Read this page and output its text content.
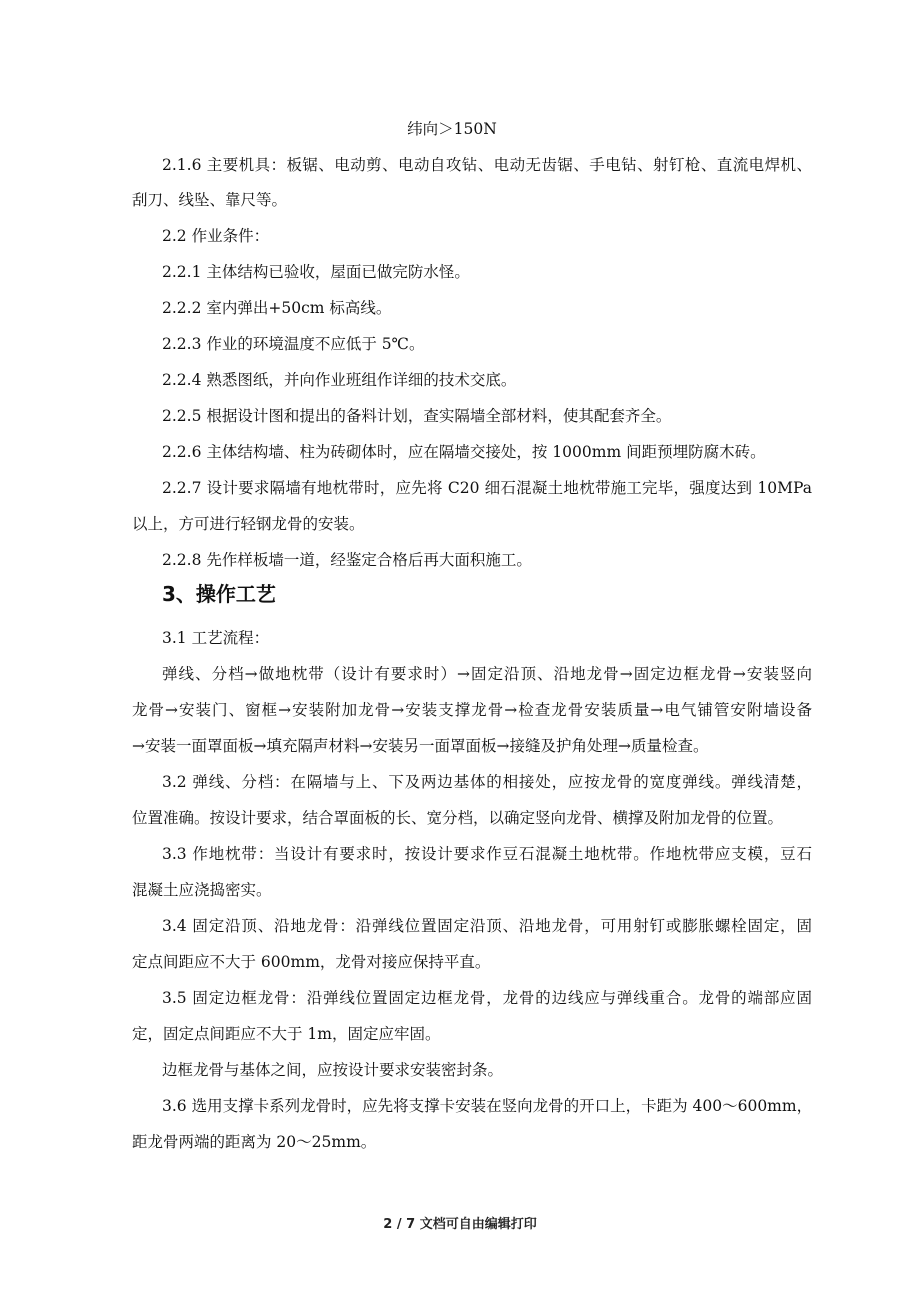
纬向＞150N
2.1.6 主要机具：板锯、电动剪、电动自攻钻、电动无齿锯、手电钻、射钉枪、直流电焊机、
刮刀、线坠、靠尺等。
2.2 作业条件：
2.2.1 主体结构已验收，屋面已做完防水怪。
2.2.2 室内弹出+50cm 标高线。
2.2.3 作业的环境温度不应低于 5℃。
2.2.4 熟悉图纸，并向作业班组作详细的技术交底。
2.2.5 根据设计图和提出的备料计划，查实隔墙全部材料，使其配套齐全。
2.2.6 主体结构墙、柱为砖砌体时，应在隔墙交接处，按 1000mm 间距预埋防腐木砖。
2.2.7 设计要求隔墙有地枕带时，应先将 C20 细石混凝土地枕带施工完毕，强度达到 10MPa
以上，方可进行轻钢龙骨的安装。
2.2.8 先作样板墙一道，经鉴定合格后再大面积施工。
3、操作工艺
3.1 工艺流程：
弹线、分档→做地枕带（设计有要求时）→固定沿顶、沿地龙骨→固定边框龙骨→安装竖向
龙骨→安装门、窗框→安装附加龙骨→安装支撑龙骨→检查龙骨安装质量→电气铺管安附墙设备
→安装一面罩面板→填充隔声材料→安装另一面罩面板→接缝及护角处理→质量检查。
3.2 弹线、分档：在隔墙与上、下及两边基体的相接处，应按龙骨的宽度弹线。弹线清楚，
位置准确。按设计要求，结合罩面板的长、宽分档，以确定竖向龙骨、横撑及附加龙骨的位置。
3.3 作地枕带：当设计有要求时，按设计要求作豆石混凝土地枕带。作地枕带应支模，豆石
混凝土应浇捣密实。
3.4 固定沿顶、沿地龙骨：沿弹线位置固定沿顶、沿地龙骨，可用射钉或膨胀螺栓固定，固
定点间距应不大于 600mm，龙骨对接应保持平直。
3.5 固定边框龙骨：沿弹线位置固定边框龙骨，龙骨的边线应与弹线重合。龙骨的端部应固
定，固定点间距应不大于 1m，固定应牢固。
边框龙骨与基体之间，应按设计要求安装密封条。
3.6 选用支撑卡系列龙骨时，应先将支撑卡安装在竖向龙骨的开口上，卡距为 400～600mm，
距龙骨两端的距离为 20～25mm。
2 / 7 文档可自由编辑打印
